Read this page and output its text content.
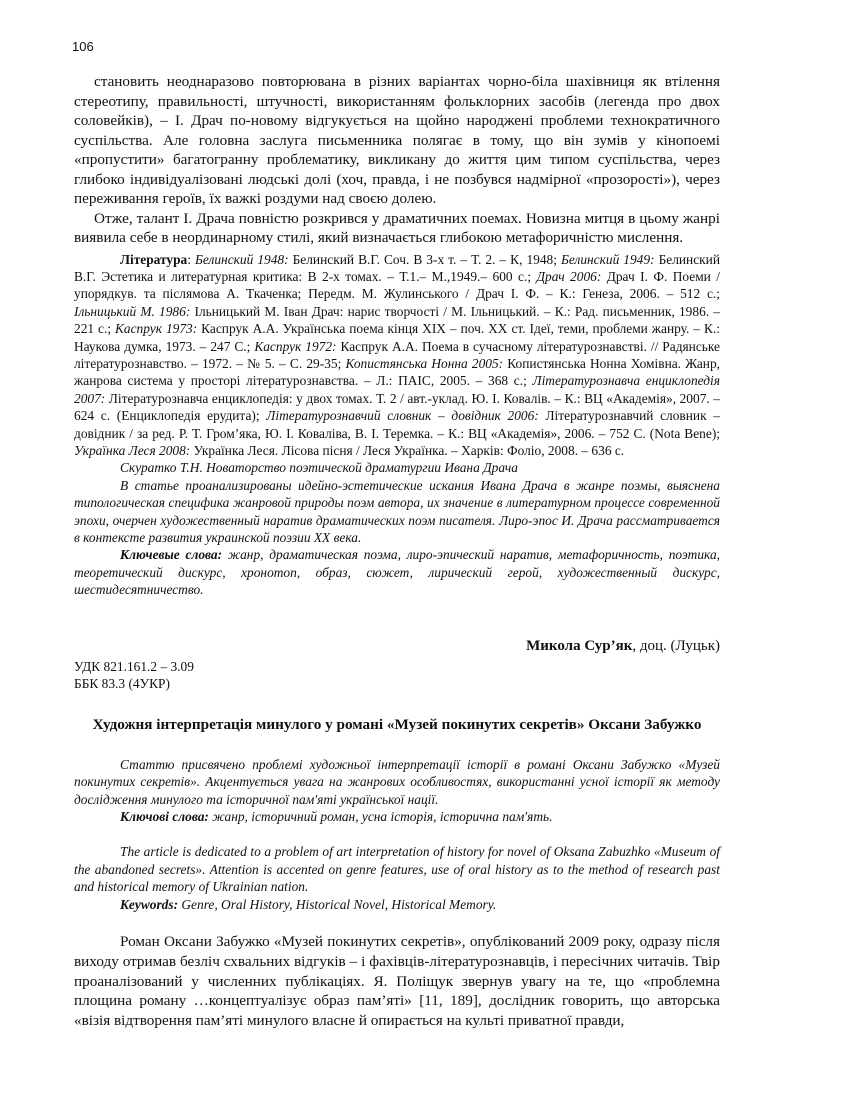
106

становить неоднаразово повторювана в різних варіантах чорно-біла шахівниця як втілення стереотипу, правильності, штучності, використанням фольклорних засобів (легенда про двох соловейків), – І. Драч по-новому відгукується на щойно народжені проблеми технократичного суспільства. Але головна заслуга письменника полягає в тому, що він зумів у кінопоемі «пропустити» багатогранну проблематику, викликану до життя цим типом суспільства, через глибоко індивідуалізовані людські долі (хоч, правда, і не позбувся надмірної «прозорості»), через переживання героїв, їх важкі роздуми над своєю долею.

Отже, талант І. Драча повністю розкрився у драматичних поемах. Новизна митця в цьому жанрі виявила себе в неординарному стилі, який визначається глибокою метафоричністю мислення.

Література: Белинский 1948: Белинский В.Г. Соч. В 3-х т. – Т. 2. – К, 1948; Белинский 1949: Белинский В.Г. Эстетика и литературная критика: В 2-х томах. – Т.1.– М.,1949.– 600 с.; Драч 2006: Драч І. Ф. Поеми / упорядкув. та післямова А. Ткаченка; Передм. М. Жулинського / Драч І. Ф. – К.: Генеза, 2006. – 512 с.; Ільницький М. 1986: Ільницький М. Іван Драч: нарис творчості / М. Ільницький. – К.: Рад. письменник, 1986. – 221 с.; Каспрук 1973: Каспрук А.А. Українська поема кінця XIX – поч. XX ст. Ідеї, теми, проблеми жанру. – К.: Наукова думка, 1973. – 247 С.; Каспрук 1972: Каспрук А.А. Поема в сучасному літературознавстві. // Радянське літературознавство. – 1972. – № 5. – С. 29-35; Копистянська Нонна 2005: Копистянська Нонна Хомівна. Жанр, жанрова система у просторі літературознавства. – Л.: ПАІС, 2005. – 368 с.; Літературознавча енциклопедія 2007: Літературознавча енциклопедія: у двох томах. Т. 2 / авт.-уклад. Ю. І. Ковалів. – К.: ВЦ «Академія», 2007. – 624 с. (Енциклопедія ерудита); Літературознавчий словник – довідник 2006: Літературознавчий словник – довідник / за ред. Р. Т. Гром’яка, Ю. І. Коваліва, В. І. Теремка. – К.: ВЦ «Академія», 2006. – 752 С. (Nota Bene); Українка Леся 2008: Українка Леся. Лісова пісня / Леся Українка. – Харків: Фоліо, 2008. – 636 с.

Скуратко Т.Н. Новаторство поэтической драматургии Ивана Драча

В статье проанализированы идейно-эстетические искания Ивана Драча в жанре поэмы, выяснена типологическая специфика жанровой природы поэм автора, их значение в литературном процессе современной эпохи, очерчен художественный наратив драматических поэм писателя. Лиро-эпос И. Драча рассматривается в контексте развития украинской поэзии XX века.

Ключевые слова: жанр, драматическая поэма, лиро-эпический наратив, метафоричность, поэтика, теоретический дискурс, хронотоп, образ, сюжет, лирический герой, художественный дискурс, шестидесятничество.

Микола Сур’як, доц. (Луцьк)

УДК 821.161.2 – 3.09

ББК 83.3 (4УКР)

Художня інтерпретація минулого у романі «Музей покинутих секретів» Оксани Забужко

Статтю присвячено проблемі художньої інтерпретації історії в романі Оксани Забужко «Музей покинутих секретів». Акцентується увага на жанрових особливостях, використанні усної історії як методу дослідження минулого та історичної пам'яті української нації.

Ключові слова: жанр, історичний роман, усна історія, історична пам'ять.

The article is dedicated to a problem of art interpretation of history for novel of Oksana Zabuzhko «Museum of the abandoned secrets». Attention is accented on genre features, use of oral history as to the method of research past and historical memory of Ukrainian nation.

Keywords: Genre, Oral History, Historical Novel, Historical Memory.

Роман Оксани Забужко «Музей покинутих секретів», опублікований 2009 року, одразу після виходу отримав безліч схвальних відгуків – і фахівців-літературознавців, і пересічних читачів. Твір проаналізований у численних публікаціях. Я. Поліщук звернув увагу на те, що «проблемна площина роману …концептуалізує образ пам’яті» [11, 189], дослідник говорить, що авторська «візія відтворення пам’яті минулого власне й опирається на культі приватної правди,
